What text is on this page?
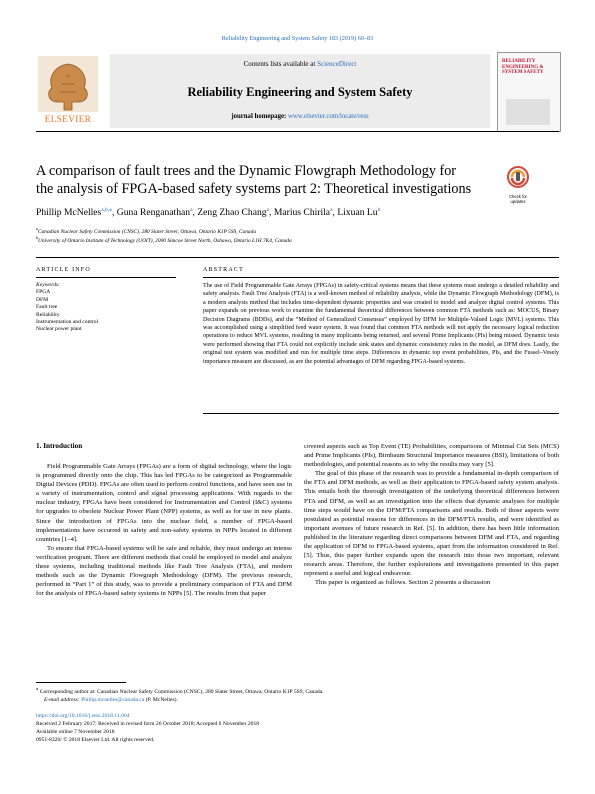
Reliability Engineering and System Safety 183 (2019) 60–83
ELSEVIER
Contents lists available at ScienceDirect
Reliability Engineering and System Safety
journal homepage: www.elsevier.com/locate/ress
RELIABILITY ENGINEERING & SYSTEM SAFETY
A comparison of fault trees and the Dynamic Flowgraph Methodology for
the analysis of FPGA-based safety systems part 2: Theoretical investigations	Check for updates
Phillip McNelles$^{a,b,⁎}$, Guna Renganathan$^a$, Zeng Zhao Chang$^a$, Marius Chirila$^a$, Lixuan Lu$^b$
$^a$Canadian Nuclear Safety Commission (CNSC), 280 Slater Street, Ottawa, Ontario K1P 5S9, Canada
$^b$University of Ontario Institute of Technology (UOIT), 2000 Simcoe Street North, Oshawa, Ontario L1H 7K4, Canada
ARTICLE INFO
Keywords:
FPGA
DFM
Fault tree
Reliability
Instrumentation and control
Nuclear power plant
ABSTRACT
The use of Field Programmable Gate Arrays (FPGAs) in safety-critical systems means that these systems must undergo a detailed reliability and safety analysis. Fault Tree Analysis (FTA) is a well-known method of reliability analysis, while the Dynamic Flowgraph Methodology (DFM), is a modern analysis method that includes time-dependent dynamic properties and was created to model and analyze digital control systems. This paper expands on previous work to examine the fundamental theoretical differences between common FTA methods such as: MOCUS, Binary Decision Diagrams (BDDs), and the “Method of Generalized Consensus” employed by DFM for Multiple-Valued Logic (MVL) systems. This was accomplished using a simplified feed water system. It was found that common FTA methods will not apply the necessary logical reduction operations to reduce MVL systems, resulting in many implicants being returned, and several Prime Implicants (PIs) being missed. Dynamic tests were performed showing that FTA could not explicitly include sink states and dynamic consistency rules in the model, as DFM does. Lastly, the original test system was modified and run for multiple time steps. Differences in dynamic top event probabilities, PIs, and the Fussel–Vesely importance measure are discussed, as are the potential advantages of DFM regarding FPGA-based systems.
1. Introduction

Field Programmable Gate Arrays (FPGAs) are a form of digital technology, where the logic is programmed directly onto the chip. This has led FPGAs to be categorized as Programmable Digital Devices (PDD). FPGAs are often used to perform control functions, and have seen use in a variety of instrumentation, control and signal processing applications. With regards to the nuclear industry, FPGAs have been considered for Instrumentation and Control (I&C) systems for upgrades to obsolete Nuclear Power Plant (NPP) systems, as well as for use in new plants. Since the introduction of FPGAs into the nuclear field, a number of FPGA-based implementations have occurred in safety and non-safety systems in NPPs located in different countries [1–4].

To ensure that FPGA-based systems will be safe and reliable, they must undergo an intense verification program. There are different methods that could be employed to model and analyze these systems, including traditional methods like Fault Tree Analysis (FTA), and modern methods such as the Dynamic Flowgraph Methodology (DFM). The previous research, performed in “Part 1” of this study, was to provide a preliminary comparison of FTA and DFM for the analysis of FPGA-based safety systems in NPPs [5]. The results from that paper

covered aspects such as Top Event (TE) Probabilities, comparisons of Minimal Cut Sets (MCS) and Prime Implicants (PIs), Birnbaum Structural Importance measures (BSI), limitations of both methodologies, and potential reasons as to why the results may vary [5].

The goal of this phase of the research was to provide a fundamental in-depth comparison of the FTA and DFM methods, as well as their application to FPGA-based safety system analysis. This entails both the thorough investigation of the underlying theoretical differences between FTA and DFM, as well as an investigation into the effects that dynamic analyses for multiple time steps would have on the DFM/FTA comparisons and results. Both of those aspects were postulated as potential reasons for differences in the DFM/FTA results, and were identified as important avenues of future research in Ref. [5]. In addition, there has been little information published in the literature regarding direct comparisons between DFM and FTA, and regarding the application of DFM to FPGA-based systems, apart from the information considered in Ref. [5]. Thus, this paper further expands upon the research into those two important, relevant research areas. Therefore, the further explorations and investigations presented in this paper represent a useful and logical endeavour.

This paper is organized as follows. Section 2 presents a discussion

⁎ Corresponding author at: Canadian Nuclear Safety Commission (CNSC), 280 Slater Street, Ottawa, Ontario K1P 5S9, Canada.
E-mail address: Phillip.mcnelles@canada.ca (P. McNelles).
https://doi.org/10.1016/j.ress.2018.11.004
Received 2 February 2017; Received in revised form 26 October 2018; Accepted 6 November 2018
Available online 7 November 2018
0951-8320/ © 2018 Elsevier Ltd. All rights reserved.
